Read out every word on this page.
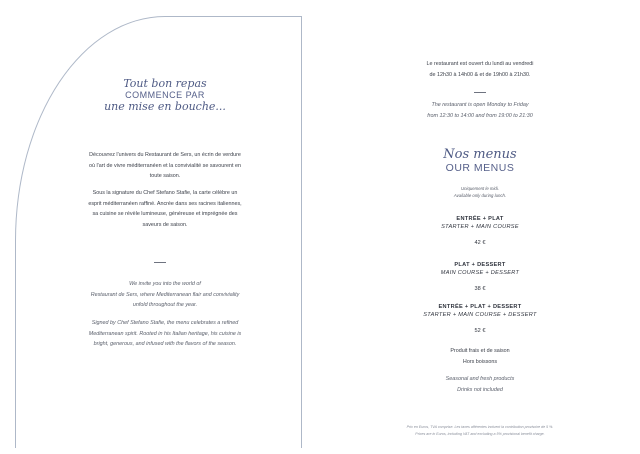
Tout bon repas
COMMENCE PAR
une mise en bouche...
Découvrez l'univers du Restaurant de Sers, un écrin de verdure
où l'art de vivre méditerranéen et la convivialité se savourent en
toute saison.
Sous la signature du Chef Stefano Stafie, la carte célèbre un
esprit méditerranéen raffiné. Ancrée dans ses racines italiennes,
sa cuisine se révèle lumineuse, généreuse et imprégnée des
saveurs de saison.
We invite you into the world of
Restaurant de Sers, where Mediterranean flair and conviviality
unfold throughout the year.
Signed by Chef Stefano Stafie, the menu celebrates a refined
Mediterranean spirit. Rooted in his Italian heritage, his cuisine is
bright, generous, and infused with the flavors of the season.
Le restaurant est ouvert du lundi au vendredi
de 12h30 à 14h00 & et de 19h00 à 21h30.
The restaurant is open Monday to Friday
from 12:30 to 14:00 and from 19:00 to 21:30
Nos menus
OUR MENUS
Uniquement le midi.
Available only during lunch.
ENTRÉE + PLAT
STARTER + MAIN COURSE
42 €
PLAT + DESSERT
MAIN COURSE + DESSERT
38 €
ENTRÉE + PLAT + DESSERT
STARTER + MAIN COURSE + DESSERT
52 €
Produit frais et de saison
Hors boissons
Seasonal and fresh products
Drinks not included
Prix en Euros, TVA comprise. Les taxes afférentes incluent la contribution provisoire de 5 %.
Prices are in Euros, including VAT and excluding a 5% provisional benefit charge.
